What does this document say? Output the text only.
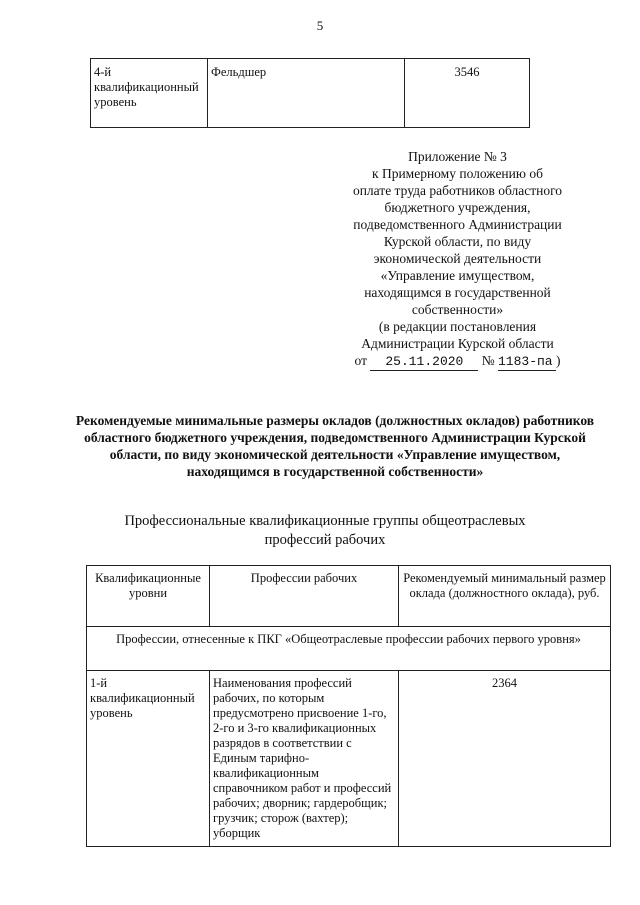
5
4-й квалификационный уровень	Фельдшер	3546
Приложение № 3
к Примерному положению об
оплате труда работников областного
бюджетного учреждения,
подведомственного Администрации
Курской области, по виду
экономической деятельности
«Управление имуществом,
находящимся в государственной
собственности»
(в редакции постановления
Администрации Курской области
от 25.11.2020 № 1183-па )
Рекомендуемые минимальные размеры окладов (должностных окладов) работников областного бюджетного учреждения, подведомственного Администрации Курской области, по виду экономической деятельности «Управление имуществом, находящимся в государственной собственности»
Профессиональные квалификационные группы общеотраслевых профессий рабочих
Квалификационные уровни	Профессии рабочих	Рекомендуемый минимальный размер оклада (должностного оклада), руб.
Профессии, отнесенные к ПКГ «Общеотраслевые профессии рабочих первого уровня»		
1-й квалификационный уровень	Наименования профессий рабочих, по которым предусмотрено присвоение 1-го, 2-го и 3-го квалификационных разрядов в соответствии с Единым тарифно-квалификационным справочником работ и профессий рабочих; дворник; гардеробщик; грузчик; сторож (вахтер); уборщик	2364
